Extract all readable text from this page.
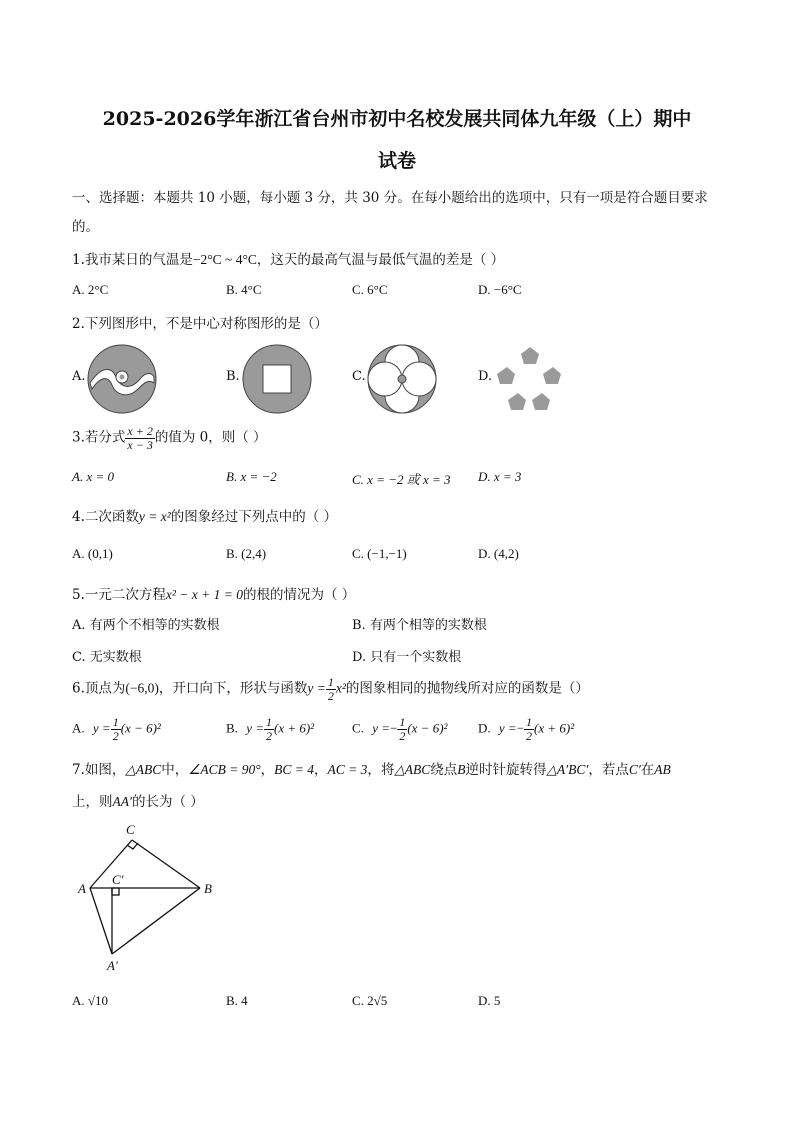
2025-2026学年浙江省台州市初中名校发展共同体九年级（上）期中
试卷
一、选择题：本题共 10 小题，每小题 3 分，共 30 分。在每小题给出的选项中，只有一项是符合题目要求
的。
1.我市某日的气温是−2°C ~ 4°C，这天的最高气温与最低气温的差是（ ）
A. 2°C	B. 4°C	C. 6°C	D. −6°C
2.下列图形中，不是中心对称图形的是（）
A.	B.	C.	D.
3.若分式 $\frac{x + 2}{x - 3}$ 的值为 0，则（ ）
A. x = 0	B. x = −2	C. x = −2 或 x = 3 D. x = 3
4.二次函数y = x²的图象经过下列点中的（ ）
A. (0,1)	B. (2,4)	C. (−1,−1)	D. (4,2)
5.一元二次方程x² − x + 1 = 0的根的情况为（ ）
A. 有两个不相等的实数根	B. 有两个相等的实数根
C. 无实数根	D. 只有一个实数根
6.顶点为(−6,0)，开口向下，形状与函数$y = \frac{1}{2} x^2$的图象相同的抛物线所对应的函数是（）
A. $y = \frac{1}{2} (x - 6)^2$	B. $y = \frac{1}{2} (x + 6)^2$	C. $y =- \frac{1}{2} (x - 6)^2$ D. $y =- \frac{1}{2} (x + 6)^2$
7.如图，△ABC中，∠ACB = 90°，BC = 4，AC = 3，将△ABC绕点B逆时针旋转得△A′BC′，若点C′在AB
上，则AA′的长为（ ）
C
A	B
C′
A′
A. √10	B. 4	C. 2√5	D. 5
